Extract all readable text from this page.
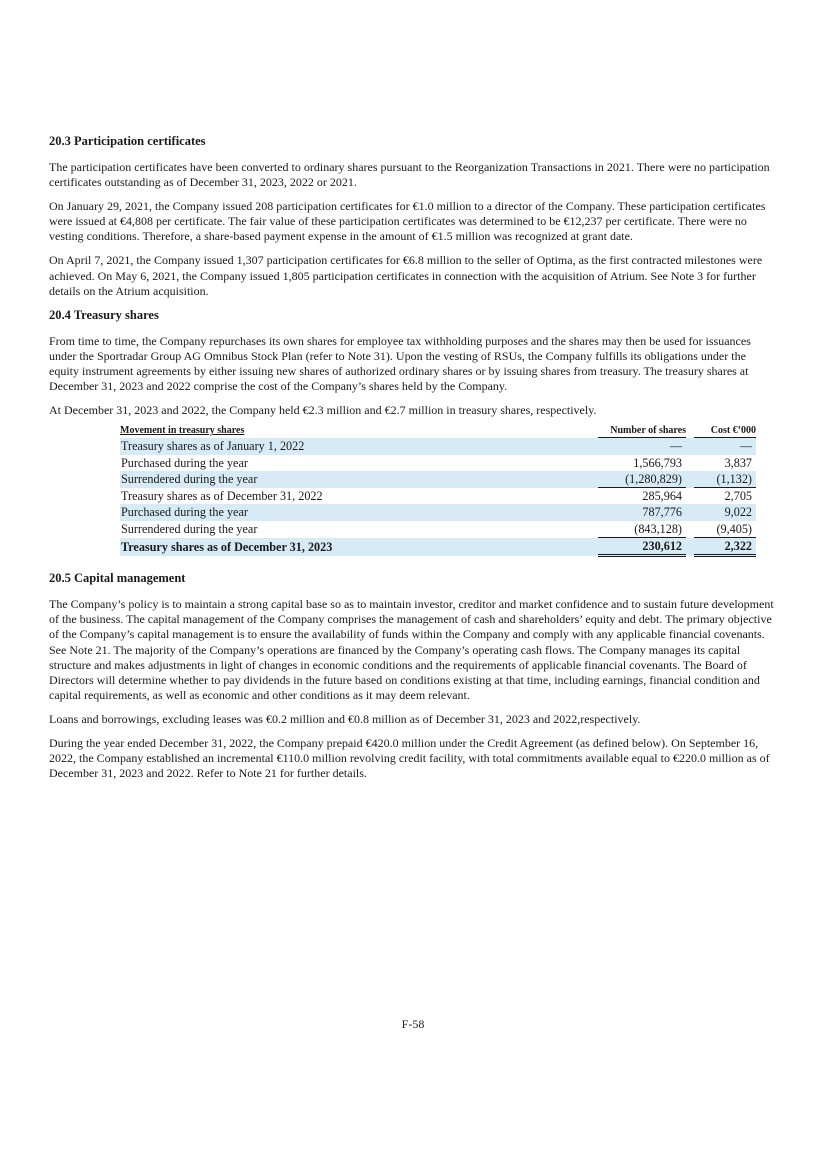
20.3 Participation certificates

The participation certificates have been converted to ordinary shares pursuant to the Reorganization Transactions in 2021. There were no participation certificates outstanding as of December 31, 2023, 2022 or 2021.

On January 29, 2021, the Company issued 208 participation certificates for €1.0 million to a director of the Company. These participation certificates were issued at €4,808 per certificate. The fair value of these participation certificates was determined to be €12,237 per certificate. There were no vesting conditions. Therefore, a share-based payment expense in the amount of €1.5 million was recognized at grant date.

On April 7, 2021, the Company issued 1,307 participation certificates for €6.8 million to the seller of Optima, as the first contracted milestones were achieved. On May 6, 2021, the Company issued 1,805 participation certificates in connection with the acquisition of Atrium. See Note 3 for further details on the Atrium acquisition.

20.4 Treasury shares

From time to time, the Company repurchases its own shares for employee tax withholding purposes and the shares may then be used for issuances under the Sportradar Group AG Omnibus Stock Plan (refer to Note 31). Upon the vesting of RSUs, the Company fulfills its obligations under the equity instrument agreements by either issuing new shares of authorized ordinary shares or by issuing shares from treasury. The treasury shares at December 31, 2023 and 2022 comprise the cost of the Company’s shares held by the Company.

At December 31, 2023 and 2022, the Company held €2.3 million and €2.7 million in treasury shares, respectively.

Movement in treasury shares	Number of shares		Cost €’000
Treasury shares as of January 1, 2022	—		—
Purchased during the year	1,566,793		3,837
Surrendered during the year	(1,280,829)		(1,132)
Treasury shares as of December 31, 2022	285,964		2,705
Purchased during the year	787,776		9,022
Surrendered during the year	(843,128)		(9,405)
Treasury shares as of December 31, 2023	230,612		2,322
20.5 Capital management

The Company’s policy is to maintain a strong capital base so as to maintain investor, creditor and market confidence and to sustain future development of the business. The capital management of the Company comprises the management of cash and shareholders’ equity and debt. The primary objective of the Company’s capital management is to ensure the availability of funds within the Company and comply with any applicable financial covenants. See Note 21. The majority of the Company’s operations are financed by the Company’s operating cash flows. The Company manages its capital structure and makes adjustments in light of changes in economic conditions and the requirements of applicable financial covenants. The Board of Directors will determine whether to pay dividends in the future based on conditions existing at that time, including earnings, financial condition and capital requirements, as well as economic and other conditions as it may deem relevant.

Loans and borrowings, excluding leases was €0.2 million and €0.8 million as of December 31, 2023 and 2022,respectively.

During the year ended December 31, 2022, the Company prepaid €420.0 million under the Credit Agreement (as defined below). On September 16, 2022, the Company established an incremental €110.0 million revolving credit facility, with total commitments available equal to €220.0 million as of December 31, 2023 and 2022. Refer to Note 21 for further details.

F-58
